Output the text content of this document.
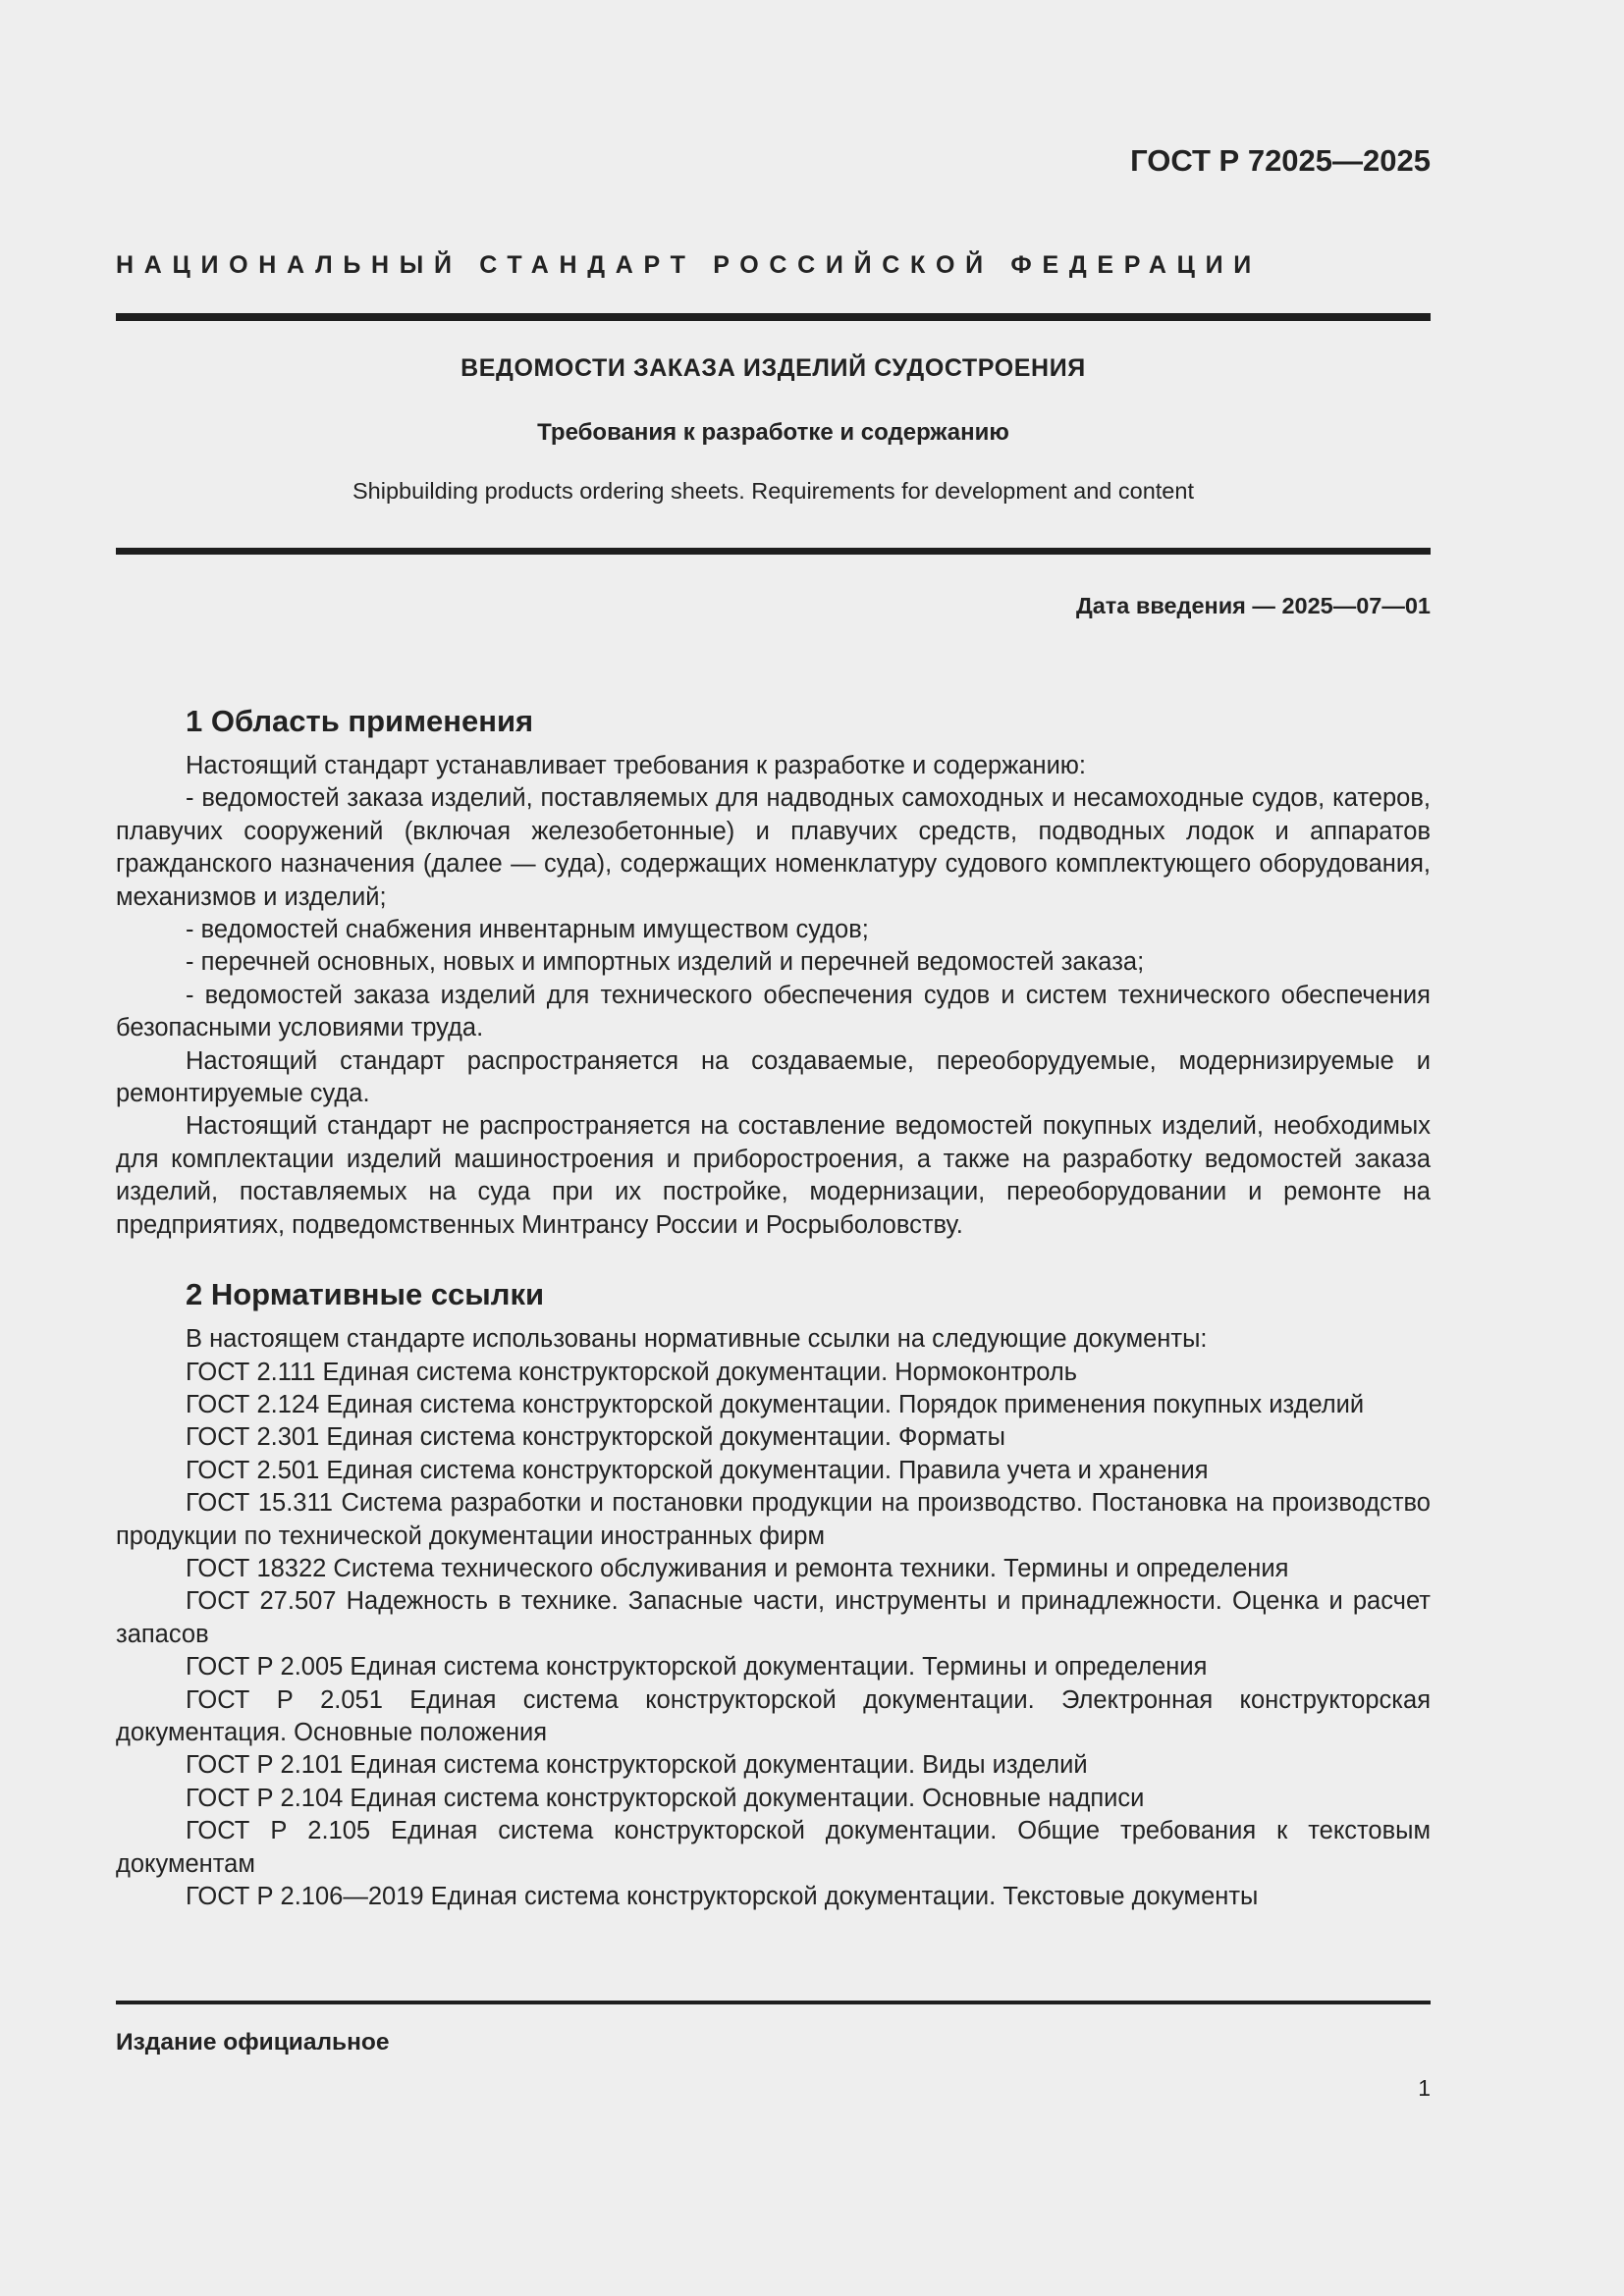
ГОСТ Р 72025—2025
НАЦИОНАЛЬНЫЙ СТАНДАРТ РОССИЙСКОЙ ФЕДЕРАЦИИ
ВЕДОМОСТИ ЗАКАЗА ИЗДЕЛИЙ СУДОСТРОЕНИЯ
Требования к разработке и содержанию
Shipbuilding products ordering sheets. Requirements for development and content
Дата введения — 2025—07—01
1 Область применения

Настоящий стандарт устанавливает требования к разработке и содержанию:

- ведомостей заказа изделий, поставляемых для надводных самоходных и несамоходные судов, катеров, плавучих сооружений (включая железобетонные) и плавучих средств, подводных лодок и аппаратов гражданского назначения (далее — суда), содержащих номенклатуру судового комплектующего оборудования, механизмов и изделий;

- ведомостей снабжения инвентарным имуществом судов;

- перечней основных, новых и импортных изделий и перечней ведомостей заказа;

- ведомостей заказа изделий для технического обеспечения судов и систем технического обеспечения безопасными условиями труда.

Настоящий стандарт распространяется на создаваемые, переоборудуемые, модернизируемые и ремонтируемые суда.

Настоящий стандарт не распространяется на составление ведомостей покупных изделий, необходимых для комплектации изделий машиностроения и приборостроения, а также на разработку ведомостей заказа изделий, поставляемых на суда при их постройке, модернизации, переоборудовании и ремонте на предприятиях, подведомственных Минтрансу России и Росрыболовству.

2 Нормативные ссылки

В настоящем стандарте использованы нормативные ссылки на следующие документы:

ГОСТ 2.111 Единая система конструкторской документации. Нормоконтроль

ГОСТ 2.124 Единая система конструкторской документации. Порядок применения покупных изделий

ГОСТ 2.301 Единая система конструкторской документации. Форматы

ГОСТ 2.501 Единая система конструкторской документации. Правила учета и хранения

ГОСТ 15.311 Система разработки и постановки продукции на производство. Постановка на производство продукции по технической документации иностранных фирм

ГОСТ 18322 Система технического обслуживания и ремонта техники. Термины и определения

ГОСТ 27.507 Надежность в технике. Запасные части, инструменты и принадлежности. Оценка и расчет запасов

ГОСТ Р 2.005 Единая система конструкторской документации. Термины и определения

ГОСТ Р 2.051 Единая система конструкторской документации. Электронная конструкторская документация. Основные положения

ГОСТ Р 2.101 Единая система конструкторской документации. Виды изделий

ГОСТ Р 2.104 Единая система конструкторской документации. Основные надписи

ГОСТ Р 2.105 Единая система конструкторской документации. Общие требования к текстовым документам

ГОСТ Р 2.106—2019 Единая система конструкторской документации. Текстовые документы

Издание официальное
1
